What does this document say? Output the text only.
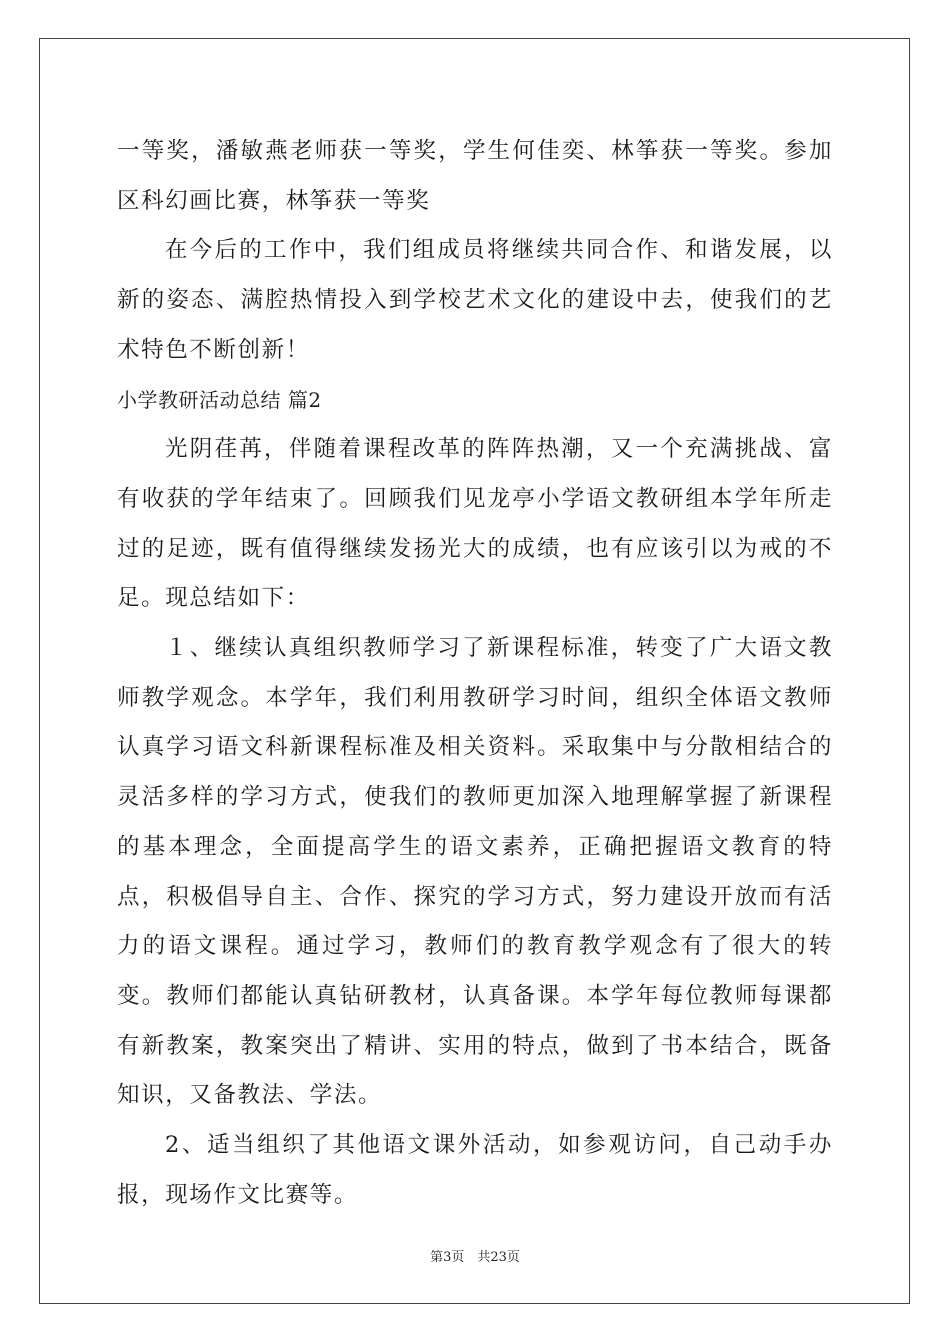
一等奖，潘敏燕老师获一等奖，学生何佳奕、林筝获一等奖。参加区科幻画比赛，林筝获一等奖

在今后的工作中，我们组成员将继续共同合作、和谐发展，以新的姿态、满腔热情投入到学校艺术文化的建设中去，使我们的艺术特色不断创新！

小学教研活动总结 篇2

光阴荏苒，伴随着课程改革的阵阵热潮，又一个充满挑战、富有收获的学年结束了。回顾我们见龙亭小学语文教研组本学年所走过的足迹，既有值得继续发扬光大的成绩，也有应该引以为戒的不足。现总结如下：

１、继续认真组织教师学习了新课程标准，转变了广大语文教师教学观念。本学年，我们利用教研学习时间，组织全体语文教师认真学习语文科新课程标准及相关资料。采取集中与分散相结合的灵活多样的学习方式，使我们的教师更加深入地理解掌握了新课程的基本理念，全面提高学生的语文素养，正确把握语文教育的特点，积极倡导自主、合作、探究的学习方式，努力建设开放而有活力的语文课程。通过学习，教师们的教育教学观念有了很大的转变。教师们都能认真钻研教材，认真备课。本学年每位教师每课都有新教案，教案突出了精讲、实用的特点，做到了书本结合，既备知识，又备教法、学法。

2、适当组织了其他语文课外活动，如参观访问，自己动手办报，现场作文比赛等。

第3页　共23页
